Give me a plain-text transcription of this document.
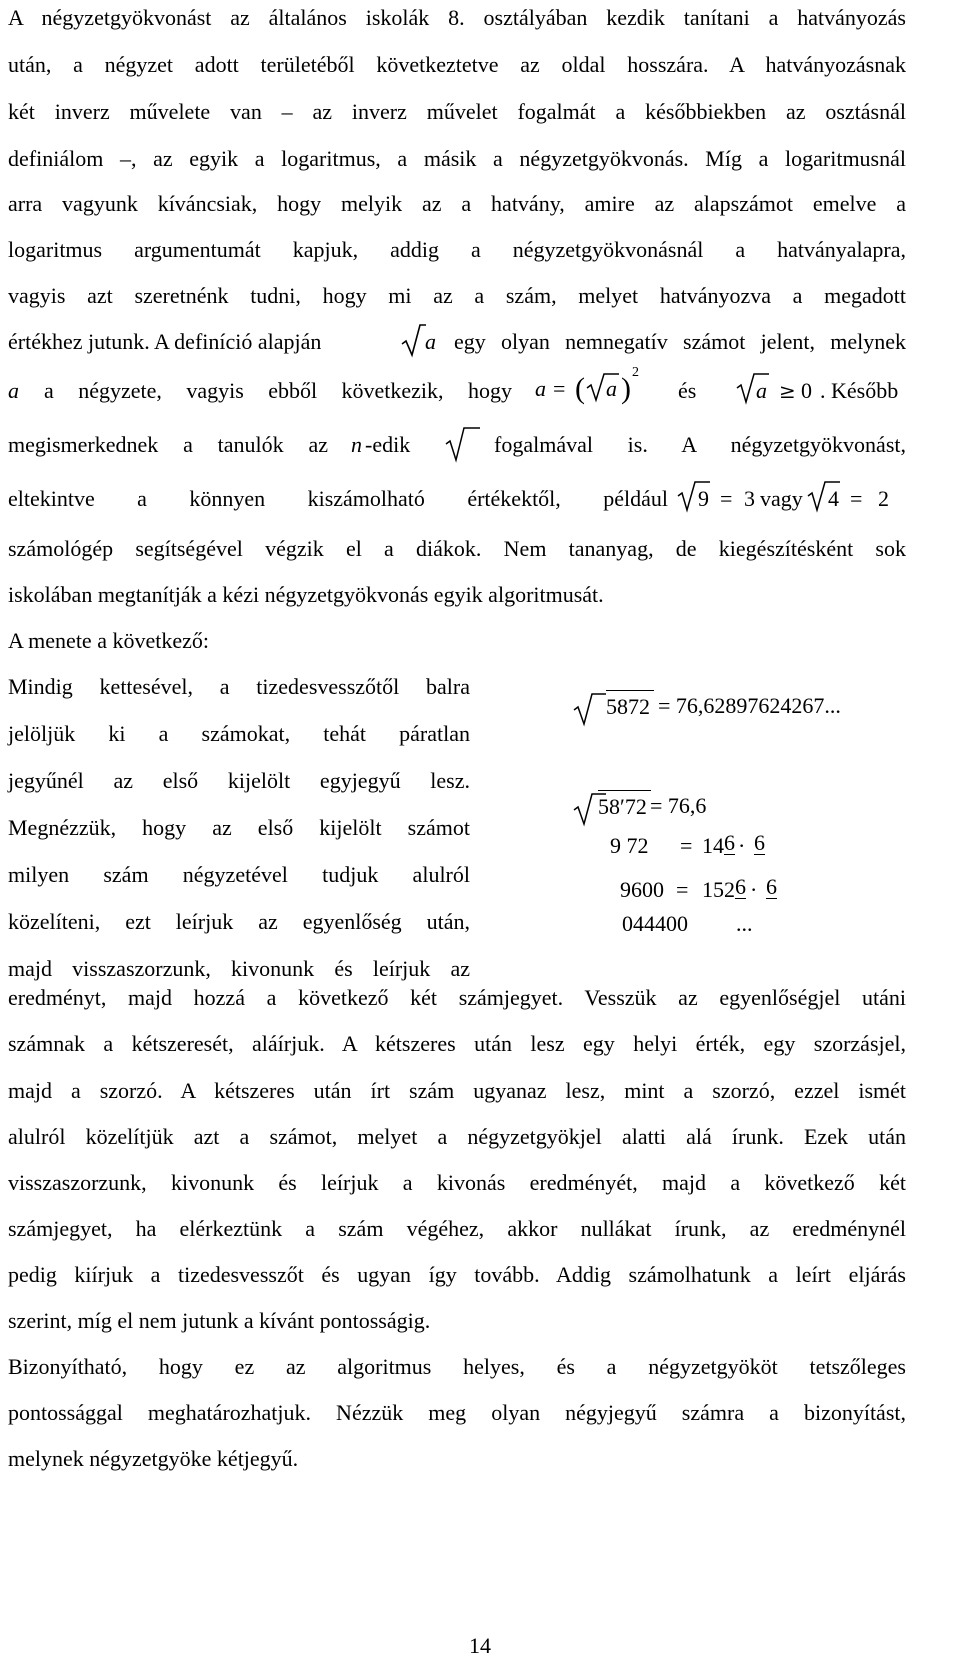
A négyzetgyökvonást az általános iskolák 8. osztályában kezdik tanítani a hatványozás
után, a négyzet adott területéből következtetve az oldal hosszára. A hatványozásnak
két inverz művelete van – az inverz művelet fogalmát a későbbiekben az osztásnál
definiálom –, az egyik a logaritmus, a másik a négyzetgyökvonás. Míg a logaritmusnál
arra vagyunk kíváncsiak, hogy melyik az a hatvány, amire az alapszámot emelve a
logaritmus argumentumát kapjuk, addig a négyzetgyökvonásnál a hatványalapra,
vagyis azt szeretnénk tudni, hogy mi az a szám, melyet hatványozva a megadott
értékhez jutunk. A definíció alapján	a egy olyan nemnegatív számot jelent, melynek
a a négyzete, vagyis ebből következik, hogy a = ( a ) 2
és	a ≥ 0 . Később
megismerkednek a tanulók az n -edik	fogalmával is. A négyzetgyökvonást,
eltekintve a könnyen kiszámolható értékektől, például 9 = 3 vagy 4 = 2
számológép segítségével végzik el a diákok. Nem tananyag, de kiegészítésként sok
iskolában megtanítják a kézi négyzetgyökvonás egyik algoritmusát.
A menete a következő:
Mindig kettesével, a tizedesvesszőtől balra
jelöljük ki a számokat, tehát páratlan
jegyűnél az első kijelölt egyjegyű lesz.
Megnézzük, hogy az első kijelölt számot
milyen szám négyzetével tudjuk alulról
közelíteni, ezt leírjuk az egyenlőség után,
majd visszaszorzunk, kivonunk és leírjuk az
5872 = 76,62897624267...
58′72 = 76,6
9 72 = 14 6 · 6
9600 = 152 6 · 6
044400 ...
eredményt, majd hozzá a következő két számjegyet. Vesszük az egyenlőségjel utáni
számnak a kétszeresét, aláírjuk. A kétszeres után lesz egy helyi érték, egy szorzásjel,
majd a szorzó. A kétszeres után írt szám ugyanaz lesz, mint a szorzó, ezzel ismét
alulról közelítjük azt a számot, melyet a négyzetgyökjel alatti alá írunk. Ezek után
visszaszorzunk, kivonunk és leírjuk a kivonás eredményét, majd a következő két
számjegyet, ha elérkeztünk a szám végéhez, akkor nullákat írunk, az eredménynél
pedig kiírjuk a tizedesvesszőt és ugyan így tovább. Addig számolhatunk a leírt eljárás
szerint, míg el nem jutunk a kívánt pontosságig.
Bizonyítható, hogy ez az algoritmus helyes, és a négyzetgyököt tetszőleges
pontossággal meghatározhatjuk. Nézzük meg olyan négyjegyű számra a bizonyítást,
melynek négyzetgyöke kétjegyű.
14
